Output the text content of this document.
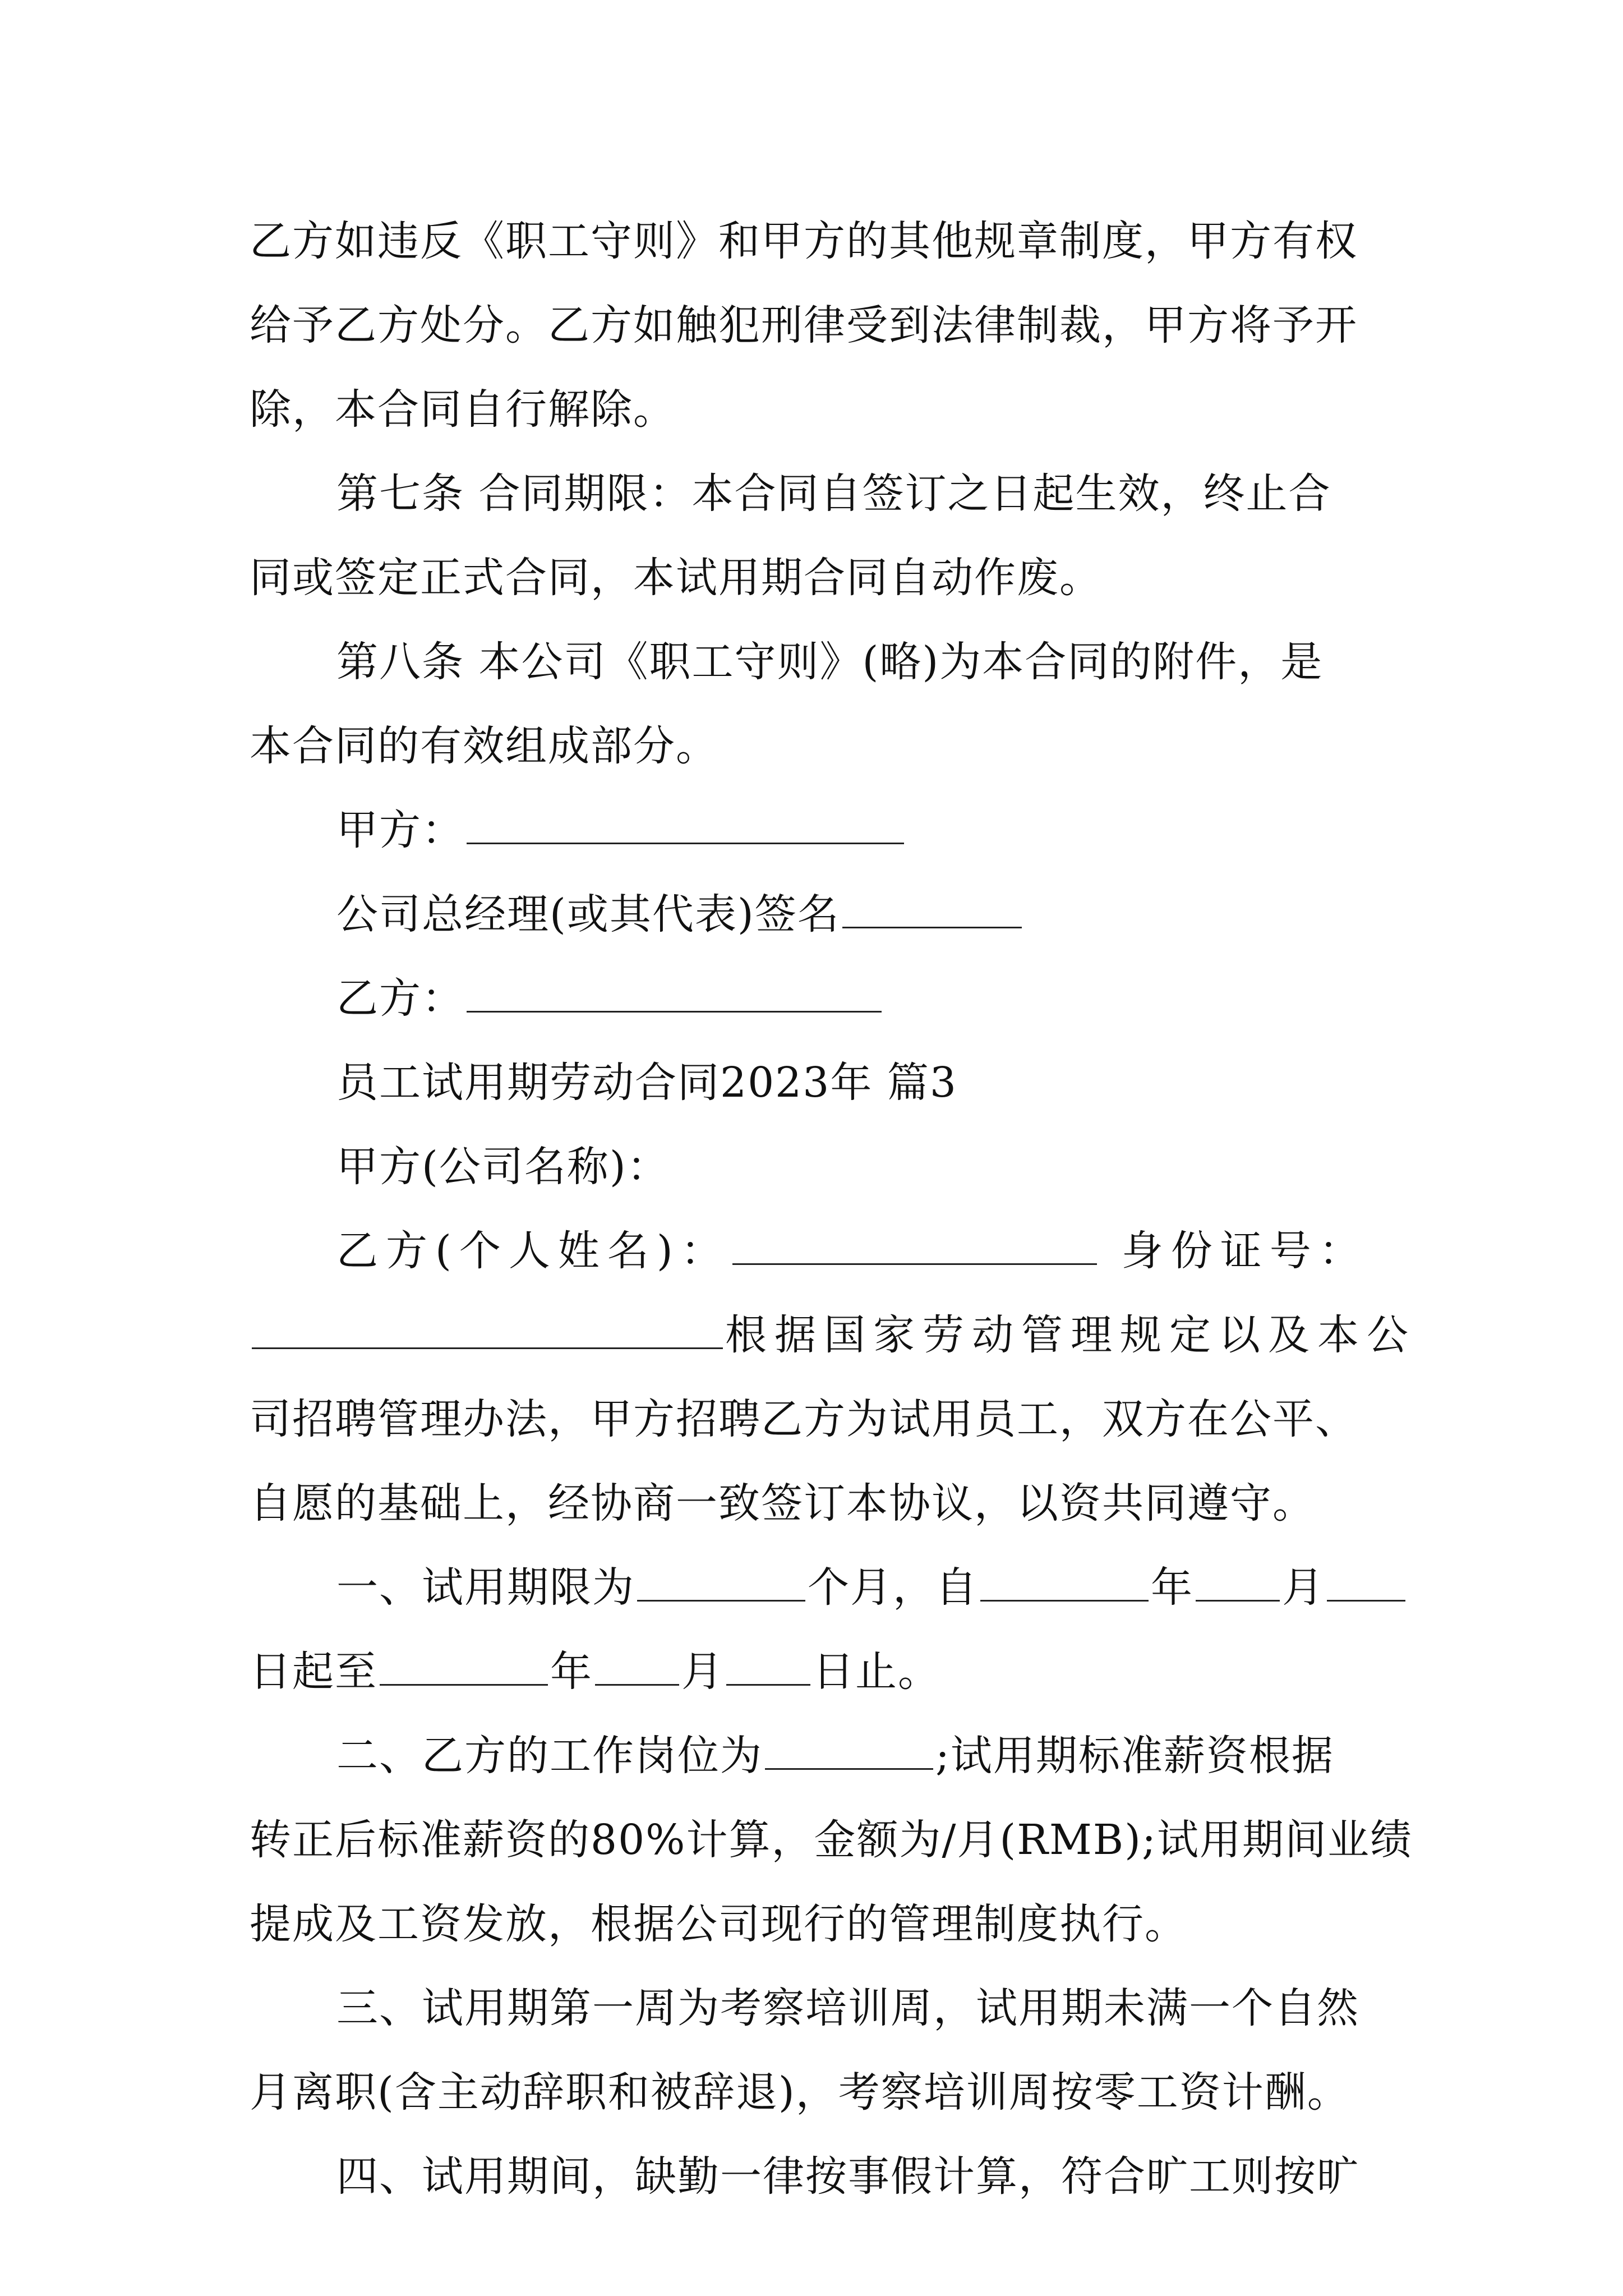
乙方如违反《职工守则》和甲方的其他规章制度，甲方有权
给予乙方处分。乙方如触犯刑律受到法律制裁，甲方将予开
除，本合同自行解除。
第七条 合同期限：本合同自签订之日起生效，终止合
同或签定正式合同，本试用期合同自动作废。
第八条 本公司《职工守则》(略)为本合同的附件，是
本合同的有效组成部分。
甲方：
公司总经理(或其代表)签名
乙方：
员工试用期劳动合同2023年 篇3
甲方(公司名称)：
乙方(个人姓名)：	身份证号：
根据国家劳动管理规定以及本公
司招聘管理办法，甲方招聘乙方为试用员工，双方在公平、
自愿的基础上，经协商一致签订本协议，以资共同遵守。
一、试用期限为	个月，自	年 月
日起至	年 月 日止。
二、乙方的工作岗位为	;试用期标准薪资根据
转正后标准薪资的80%计算，金额为/月(RMB);试用期间业绩
提成及工资发放，根据公司现行的管理制度执行。
三、试用期第一周为考察培训周，试用期未满一个自然
月离职(含主动辞职和被辞退)，考察培训周按零工资计酬。
四、试用期间，缺勤一律按事假计算，符合旷工则按旷
